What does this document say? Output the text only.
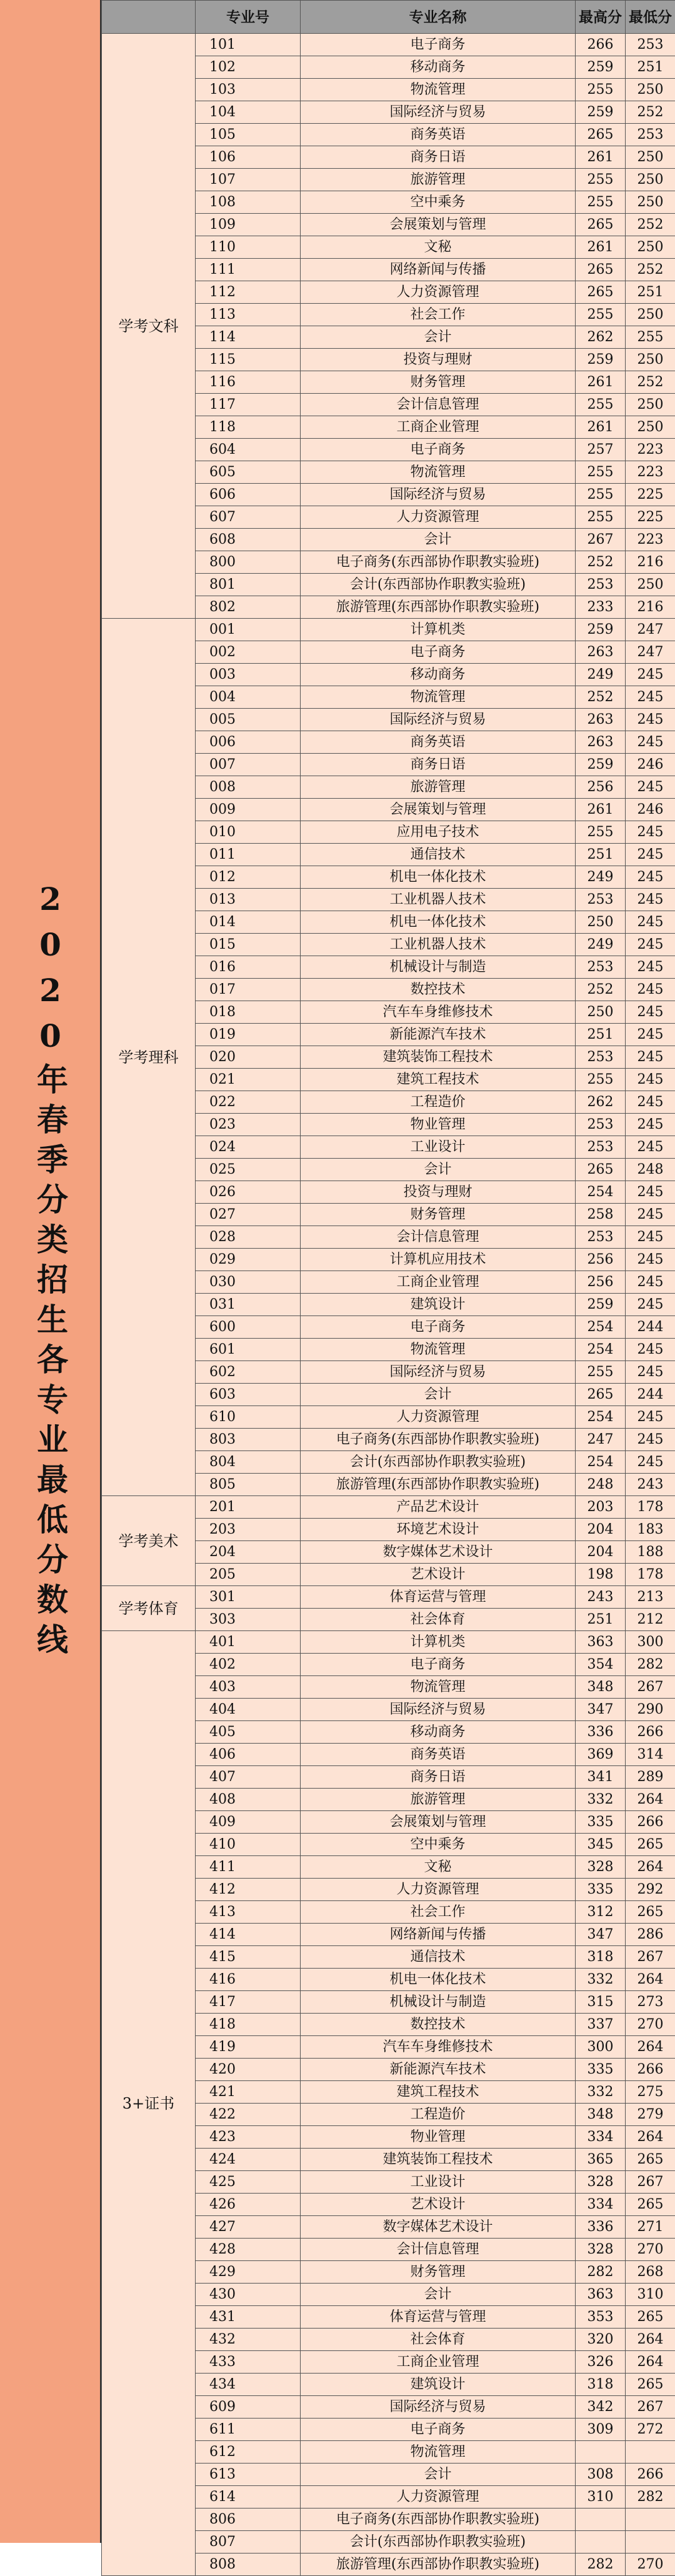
2020年春季分类招生各专业最低分数线
	专业号	专业名称	最高分	最低分
学考文科	101	电子商务	266	253
	102	移动商务	259	251
	103	物流管理	255	250
	104	国际经济与贸易	259	252
	105	商务英语	265	253
	106	商务日语	261	250
	107	旅游管理	255	250
	108	空中乘务	255	250
	109	会展策划与管理	265	252
	110	文秘	261	250
	111	网络新闻与传播	265	252
	112	人力资源管理	265	251
	113	社会工作	255	250
	114	会计	262	255
	115	投资与理财	259	250
	116	财务管理	261	252
	117	会计信息管理	255	250
	118	工商企业管理	261	250
	604	电子商务	257	223
	605	物流管理	255	223
	606	国际经济与贸易	255	225
	607	人力资源管理	255	225
	608	会计	267	223
	800	电子商务(东西部协作职教实验班)	252	216
	801	会计(东西部协作职教实验班)	253	250
	802	旅游管理(东西部协作职教实验班)	233	216
学考理科	001	计算机类	259	247
	002	电子商务	263	247
	003	移动商务	249	245
	004	物流管理	252	245
	005	国际经济与贸易	263	245
	006	商务英语	263	245
	007	商务日语	259	246
	008	旅游管理	256	245
	009	会展策划与管理	261	246
	010	应用电子技术	255	245
	011	通信技术	251	245
	012	机电一体化技术	249	245
	013	工业机器人技术	253	245
	014	机电一体化技术	250	245
	015	工业机器人技术	249	245
	016	机械设计与制造	253	245
	017	数控技术	252	245
	018	汽车车身维修技术	250	245
	019	新能源汽车技术	251	245
	020	建筑装饰工程技术	253	245
	021	建筑工程技术	255	245
	022	工程造价	262	245
	023	物业管理	253	245
	024	工业设计	253	245
	025	会计	265	248
	026	投资与理财	254	245
	027	财务管理	258	245
	028	会计信息管理	253	245
	029	计算机应用技术	256	245
	030	工商企业管理	256	245
	031	建筑设计	259	245
	600	电子商务	254	244
	601	物流管理	254	245
	602	国际经济与贸易	255	245
	603	会计	265	244
	610	人力资源管理	254	245
	803	电子商务(东西部协作职教实验班)	247	245
	804	会计(东西部协作职教实验班)	254	245
	805	旅游管理(东西部协作职教实验班)	248	243
学考美术	201	产品艺术设计	203	178
	203	环境艺术设计	204	183
	204	数字媒体艺术设计	204	188
	205	艺术设计	198	178
学考体育	301	体育运营与管理	243	213
	303	社会体育	251	212
3+证书	401	计算机类	363	300
	402	电子商务	354	282
	403	物流管理	348	267
	404	国际经济与贸易	347	290
	405	移动商务	336	266
	406	商务英语	369	314
	407	商务日语	341	289
	408	旅游管理	332	264
	409	会展策划与管理	335	266
	410	空中乘务	345	265
	411	文秘	328	264
	412	人力资源管理	335	292
	413	社会工作	312	265
	414	网络新闻与传播	347	286
	415	通信技术	318	267
	416	机电一体化技术	332	264
	417	机械设计与制造	315	273
	418	数控技术	337	270
	419	汽车车身维修技术	300	264
	420	新能源汽车技术	335	266
	421	建筑工程技术	332	275
	422	工程造价	348	279
	423	物业管理	334	264
	424	建筑装饰工程技术	365	265
	425	工业设计	328	267
	426	艺术设计	334	265
	427	数字媒体艺术设计	336	271
	428	会计信息管理	328	270
	429	财务管理	282	268
	430	会计	363	310
	431	体育运营与管理	353	265
	432	社会体育	320	264
	433	工商企业管理	326	264
	434	建筑设计	318	265
	609	国际经济与贸易	342	267
	611	电子商务	309	272
	612	物流管理		
	613	会计	308	266
	614	人力资源管理	310	282
	806	电子商务(东西部协作职教实验班)		
	807	会计(东西部协作职教实验班)		
	808	旅游管理(东西部协作职教实验班)	282	270
